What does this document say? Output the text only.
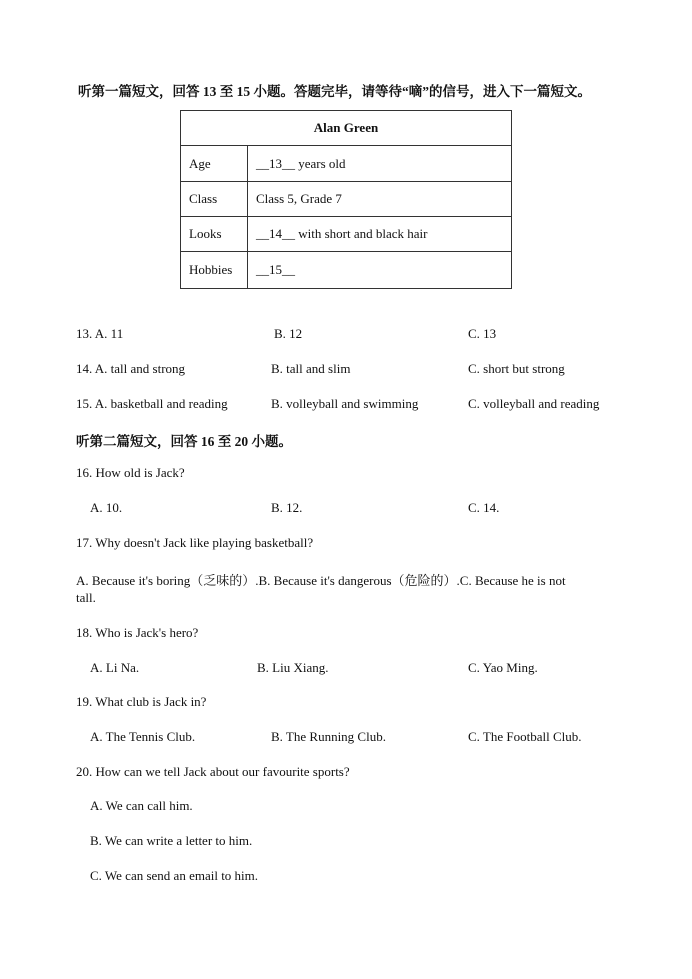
听第一篇短文，回答 13 至 15 小题。答题完毕，请等待“嘀”的信号，进入下一篇短文。
Alan Green	
Age	__13__ years old
Class	Class 5, Grade 7
Looks	__14__ with short and black hair
Hobbies	__15__
13. A. 11	B. 12	C. 13
14. A. tall and strong	B. tall and slim	C. short but strong
15. A. basketball and reading	B. volleyball and swimming	C. volleyball and reading
听第二篇短文，回答 16 至 20 小题。
16. How old is Jack?
A. 10.	B. 12.	C. 14.
17. Why doesn't Jack like playing basketball?
A. Because it's boring（乏味的）.B. Because it's dangerous（危险的）.C. Because he is not
tall.
18. Who is Jack's hero?
A. Li Na.	B. Liu Xiang.	C. Yao Ming.
19. What club is Jack in?
A. The Tennis Club.	B. The Running Club.	C. The Football Club.
20. How can we tell Jack about our favourite sports?
A. We can call him.
B. We can write a letter to him.
C. We can send an email to him.
